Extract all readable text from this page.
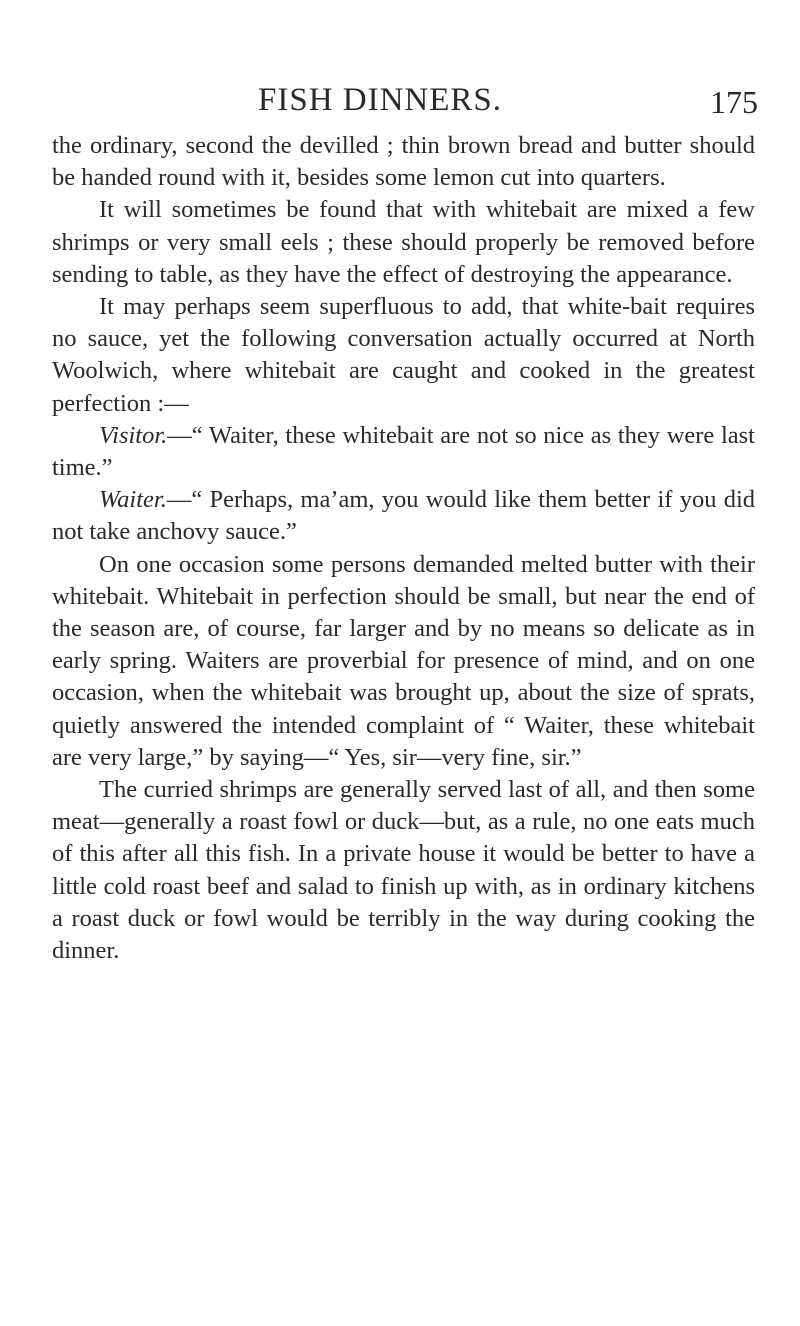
FISH DINNERS.	175

the ordinary, second the devilled ; thin brown bread and butter should be handed round with it, besides some lemon cut into quarters.

It will sometimes be found that with whitebait are mixed a few shrimps or very small eels ; these should properly be removed before sending to table, as they have the effect of destroying the appearance.

It may perhaps seem superfluous to add, that white-bait requires no sauce, yet the following conversation actually occurred at North Woolwich, where whitebait are caught and cooked in the greatest perfection :—

Visitor.—“ Waiter, these whitebait are not so nice as they were last time.”

Waiter.—“ Perhaps, ma’am, you would like them better if you did not take anchovy sauce.”

On one occasion some persons demanded melted butter with their whitebait. Whitebait in perfection should be small, but near the end of the season are, of course, far larger and by no means so delicate as in early spring. Waiters are proverbial for presence of mind, and on one occasion, when the whitebait was brought up, about the size of sprats, quietly answered the intended complaint of “ Waiter, these whitebait are very large,” by saying—“ Yes, sir—very fine, sir.”

The curried shrimps are generally served last of all, and then some meat—generally a roast fowl or duck—but, as a rule, no one eats much of this after all this fish. In a private house it would be better to have a little cold roast beef and salad to finish up with, as in ordinary kitchens a roast duck or fowl would be terribly in the way during cooking the dinner.
